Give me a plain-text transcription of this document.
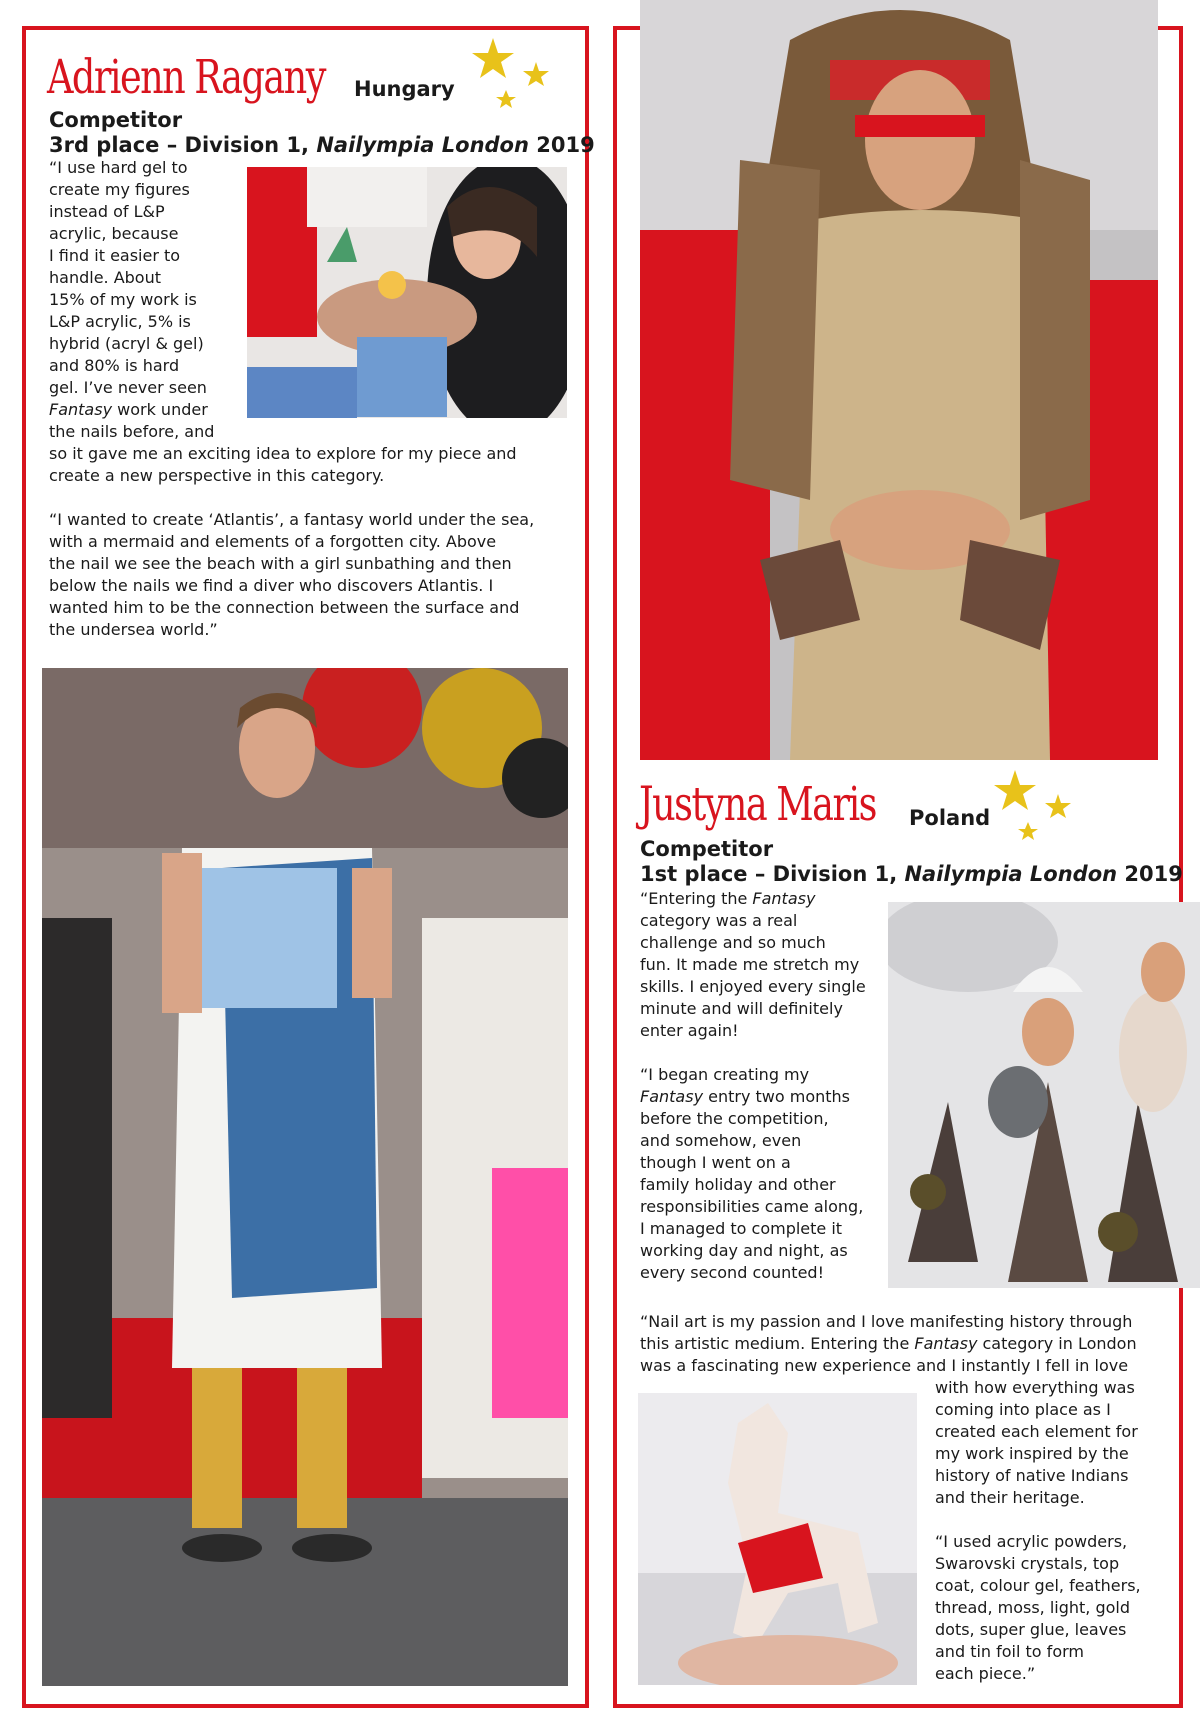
Adrienn Ragany Hungary
Competitor
3rd place – Division 1, Nailympia London 2019

“I use hard gel to

create my figures

instead of L&P

acrylic, because

I find it easier to

handle. About

15% of my work is

L&P acrylic, 5% is

hybrid (acryl & gel)

and 80% is hard

gel. I’ve never seen

Fantasy work under

the nails before, and

so it gave me an exciting idea to explore for my piece and

create a new perspective in this category.

“I wanted to create ‘Atlantis’, a fantasy world under the sea,

with a mermaid and elements of a forgotten city. Above

the nail we see the beach with a girl sunbathing and then

below the nails we find a diver who discovers Atlantis. I

wanted him to be the connection between the surface and

the undersea world.”

Justyna Maris Poland
Competitor
1st place – Division 1, Nailympia London 2019

“Entering the Fantasy

category was a real

challenge and so much

fun. It made me stretch my

skills. I enjoyed every single

minute and will definitely

enter again!

“I began creating my

Fantasy entry two months

before the competition,

and somehow, even

though I went on a

family holiday and other

responsibilities came along,

I managed to complete it

working day and night, as

every second counted!

“Nail art is my passion and I love manifesting history through

this artistic medium. Entering the Fantasy category in London

was a fascinating new experience and I instantly I fell in love

with how everything was

coming into place as I

created each element for

my work inspired by the

history of native Indians

and their heritage.

“I used acrylic powders,

Swarovski crystals, top

coat, colour gel, feathers,

thread, moss, light, gold

dots, super glue, leaves

and tin foil to form

each piece.”
